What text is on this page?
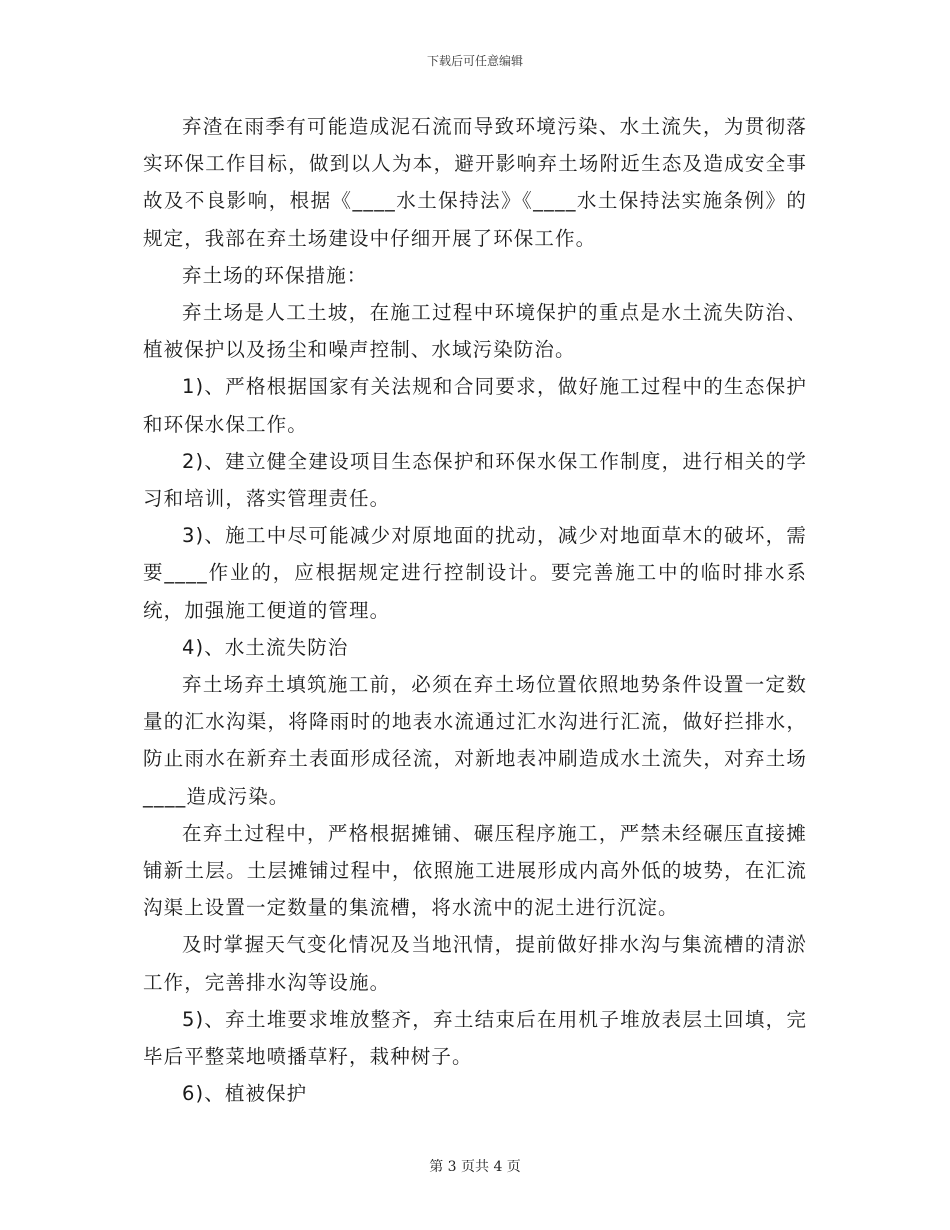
下载后可任意编辑

弃渣在雨季有可能造成泥石流而导致环境污染、水土流失，为贯彻落实环保工作目标，做到以人为本，避开影响弃土场附近生态及造成安全事故及不良影响，根据《____水土保持法》《____水土保持法实施条例》的规定，我部在弃土场建设中仔细开展了环保工作。

弃土场的环保措施：

弃土场是人工土坡，在施工过程中环境保护的重点是水土流失防治、植被保护以及扬尘和噪声控制、水域污染防治。

1)、严格根据国家有关法规和合同要求，做好施工过程中的生态保护和环保水保工作。

2)、建立健全建设项目生态保护和环保水保工作制度，进行相关的学习和培训，落实管理责任。

3)、施工中尽可能减少对原地面的扰动，减少对地面草木的破坏，需要____作业的，应根据规定进行控制设计。要完善施工中的临时排水系统，加强施工便道的管理。

4)、水土流失防治

弃土场弃土填筑施工前，必须在弃土场位置依照地势条件设置一定数量的汇水沟渠，将降雨时的地表水流通过汇水沟进行汇流，做好拦排水，防止雨水在新弃土表面形成径流，对新地表冲刷造成水土流失，对弃土场____造成污染。

在弃土过程中，严格根据摊铺、碾压程序施工，严禁未经碾压直接摊铺新土层。土层摊铺过程中，依照施工进展形成内高外低的坡势，在汇流沟渠上设置一定数量的集流槽，将水流中的泥土进行沉淀。

及时掌握天气变化情况及当地汛情，提前做好排水沟与集流槽的清淤工作，完善排水沟等设施。

5)、弃土堆要求堆放整齐，弃土结束后在用机子堆放表层土回填，完毕后平整菜地喷播草籽，栽种树子。

6)、植被保护

第 3 页共 4 页
